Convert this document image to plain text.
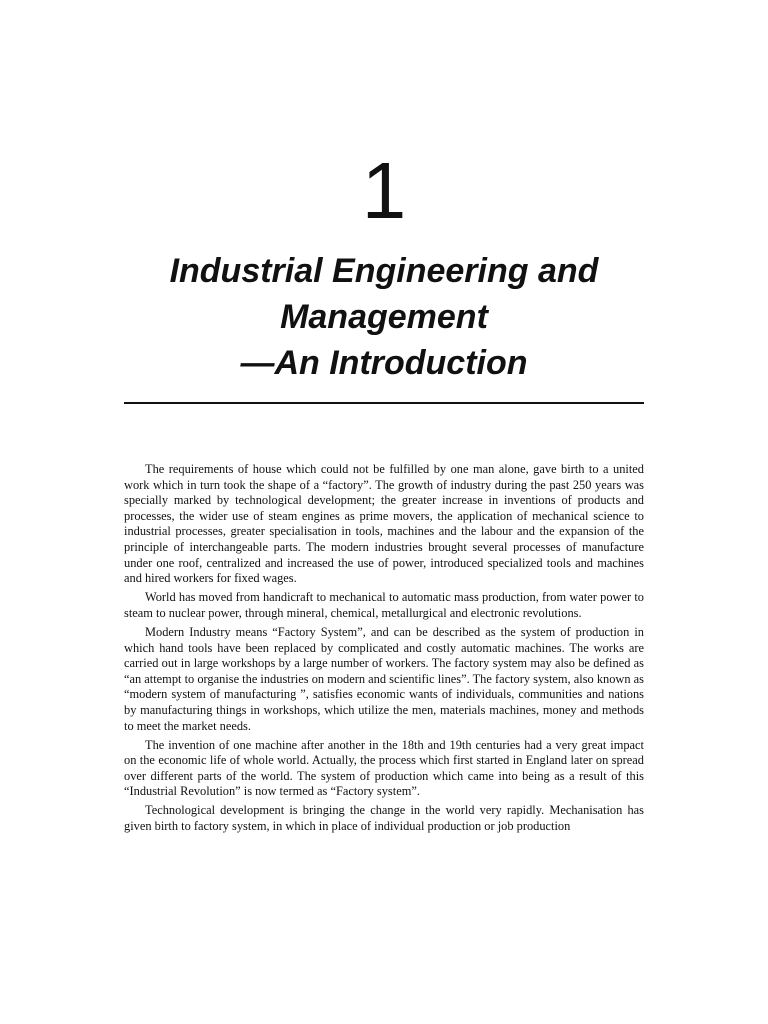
1
Industrial Engineering and
Management
—An Introduction

The requirements of house which could not be fulfilled by one man alone, gave birth to a united work which in turn took the shape of a “factory”. The growth of industry during the past 250 years was specially marked by technological development; the greater increase in inventions of products and processes, the wider use of steam engines as prime movers, the application of mechanical science to industrial processes, greater specialisation in tools, machines and the labour and the expansion of the principle of interchangeable parts. The modern industries brought several processes of manufacture under one roof, centralized and increased the use of power, introduced specialized tools and machines and hired workers for fixed wages.

World has moved from handicraft to mechanical to automatic mass production, from water power to steam to nuclear power, through mineral, chemical, metallurgical and electronic revolutions.

Modern Industry means “Factory System”, and can be described as the system of production in which hand tools have been replaced by complicated and costly automatic machines. The works are carried out in large workshops by a large number of workers. The factory system may also be defined as “an attempt to organise the industries on modern and scientific lines”. The factory system, also known as “modern system of manufacturing ”, satisfies economic wants of individuals, communities and nations by manufacturing things in workshops, which utilize the men, materials machines, money and methods to meet the market needs.

The invention of one machine after another in the 18th and 19th centuries had a very great impact on the economic life of whole world. Actually, the process which first started in England later on spread over different parts of the world. The system of production which came into being as a result of this “Industrial Revolution” is now termed as “Factory system”.

Technological development is bringing the change in the world very rapidly. Mechanisation has given birth to factory system, in which in place of individual production or job production
